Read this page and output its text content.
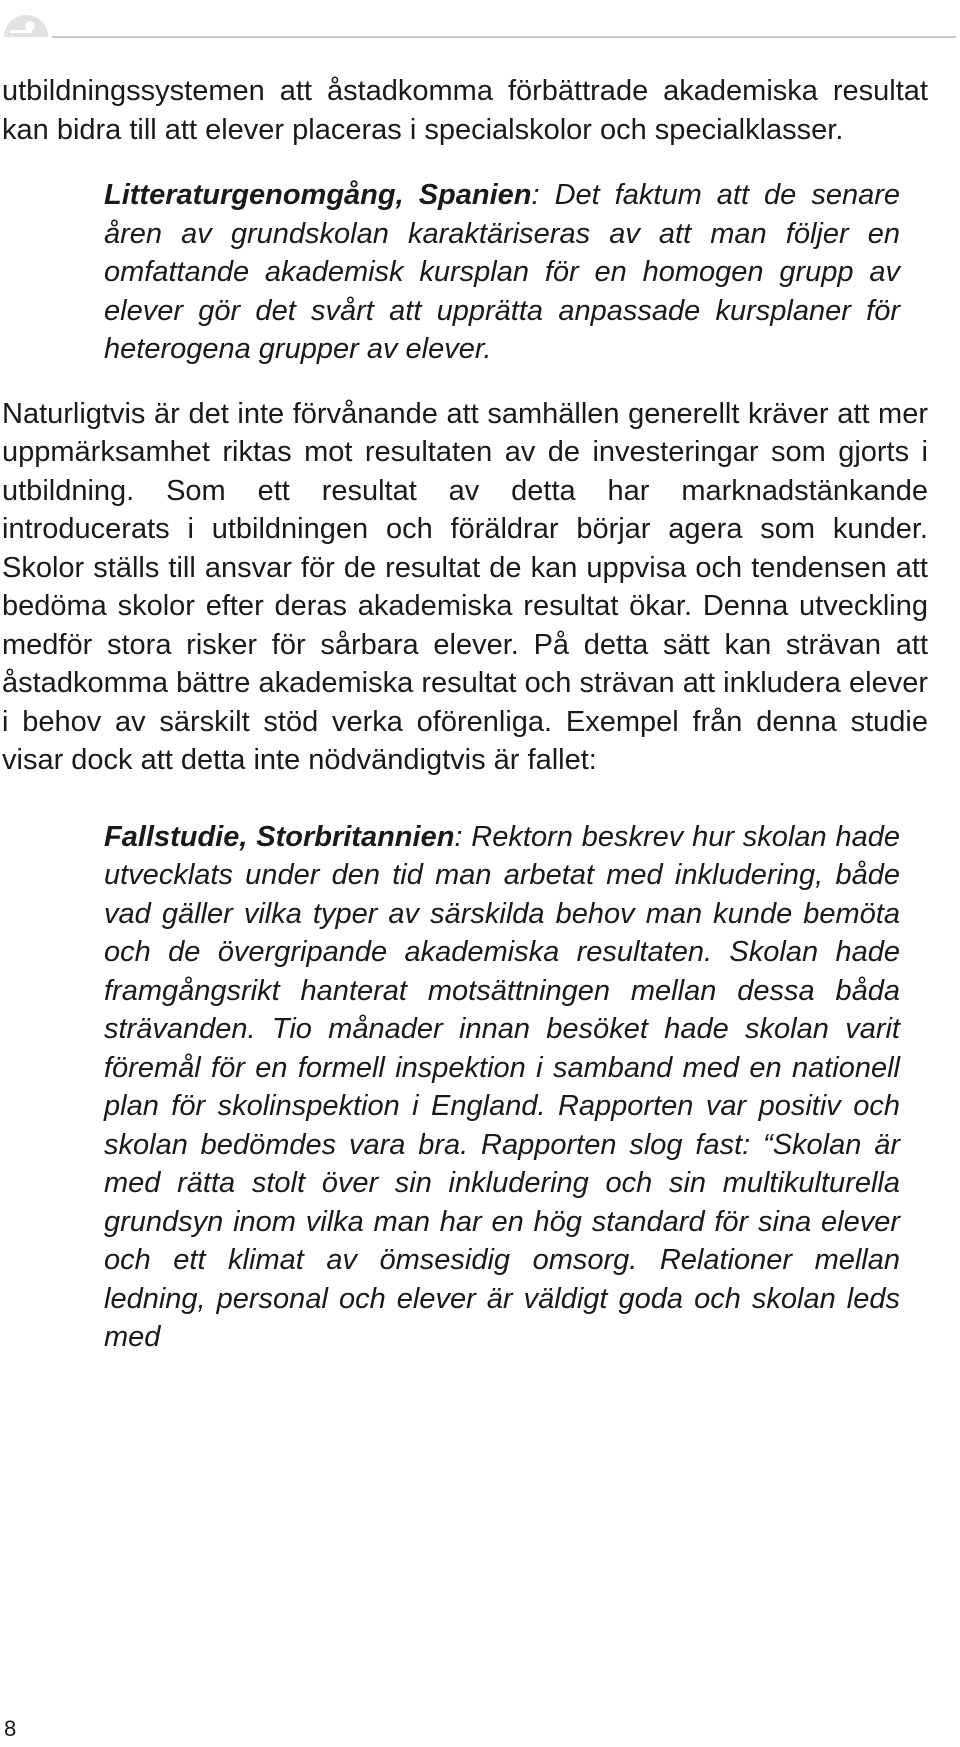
utbildningssystemen att åstadkomma förbättrade akademiska resultat kan bidra till att elever placeras i specialskolor och specialklasser.

Litteraturgenomgång, Spanien: Det faktum att de senare åren av grundskolan karaktäriseras av att man följer en omfattande akademisk kursplan för en homogen grupp av elever gör det svårt att upprätta anpassade kursplaner för heterogena grupper av elever.

Naturligtvis är det inte förvånande att samhällen generellt kräver att mer uppmärksamhet riktas mot resultaten av de investeringar som gjorts i utbildning. Som ett resultat av detta har marknadstänkande introducerats i utbildningen och föräldrar börjar agera som kunder. Skolor ställs till ansvar för de resultat de kan uppvisa och tendensen att bedöma skolor efter deras akademiska resultat ökar. Denna utveckling medför stora risker för sårbara elever. På detta sätt kan strävan att åstadkomma bättre akademiska resultat och strävan att inkludera elever i behov av särskilt stöd verka oförenliga. Exempel från denna studie visar dock att detta inte nödvändigtvis är fallet:

Fallstudie, Storbritannien: Rektorn beskrev hur skolan hade utvecklats under den tid man arbetat med inkludering, både vad gäller vilka typer av särskilda behov man kunde bemöta och de övergripande akademiska resultaten. Skolan hade framgångsrikt hanterat motsättningen mellan dessa båda strävanden. Tio månader innan besöket hade skolan varit föremål för en formell inspektion i samband med en nationell plan för skolinspektion i England. Rapporten var positiv och skolan bedömdes vara bra. Rapporten slog fast: “Skolan är med rätta stolt över sin inkludering och sin multikulturella grundsyn inom vilka man har en hög standard för sina elever och ett klimat av ömsesidig omsorg. Relationer mellan ledning, personal och elever är väldigt goda och skolan leds med

8
